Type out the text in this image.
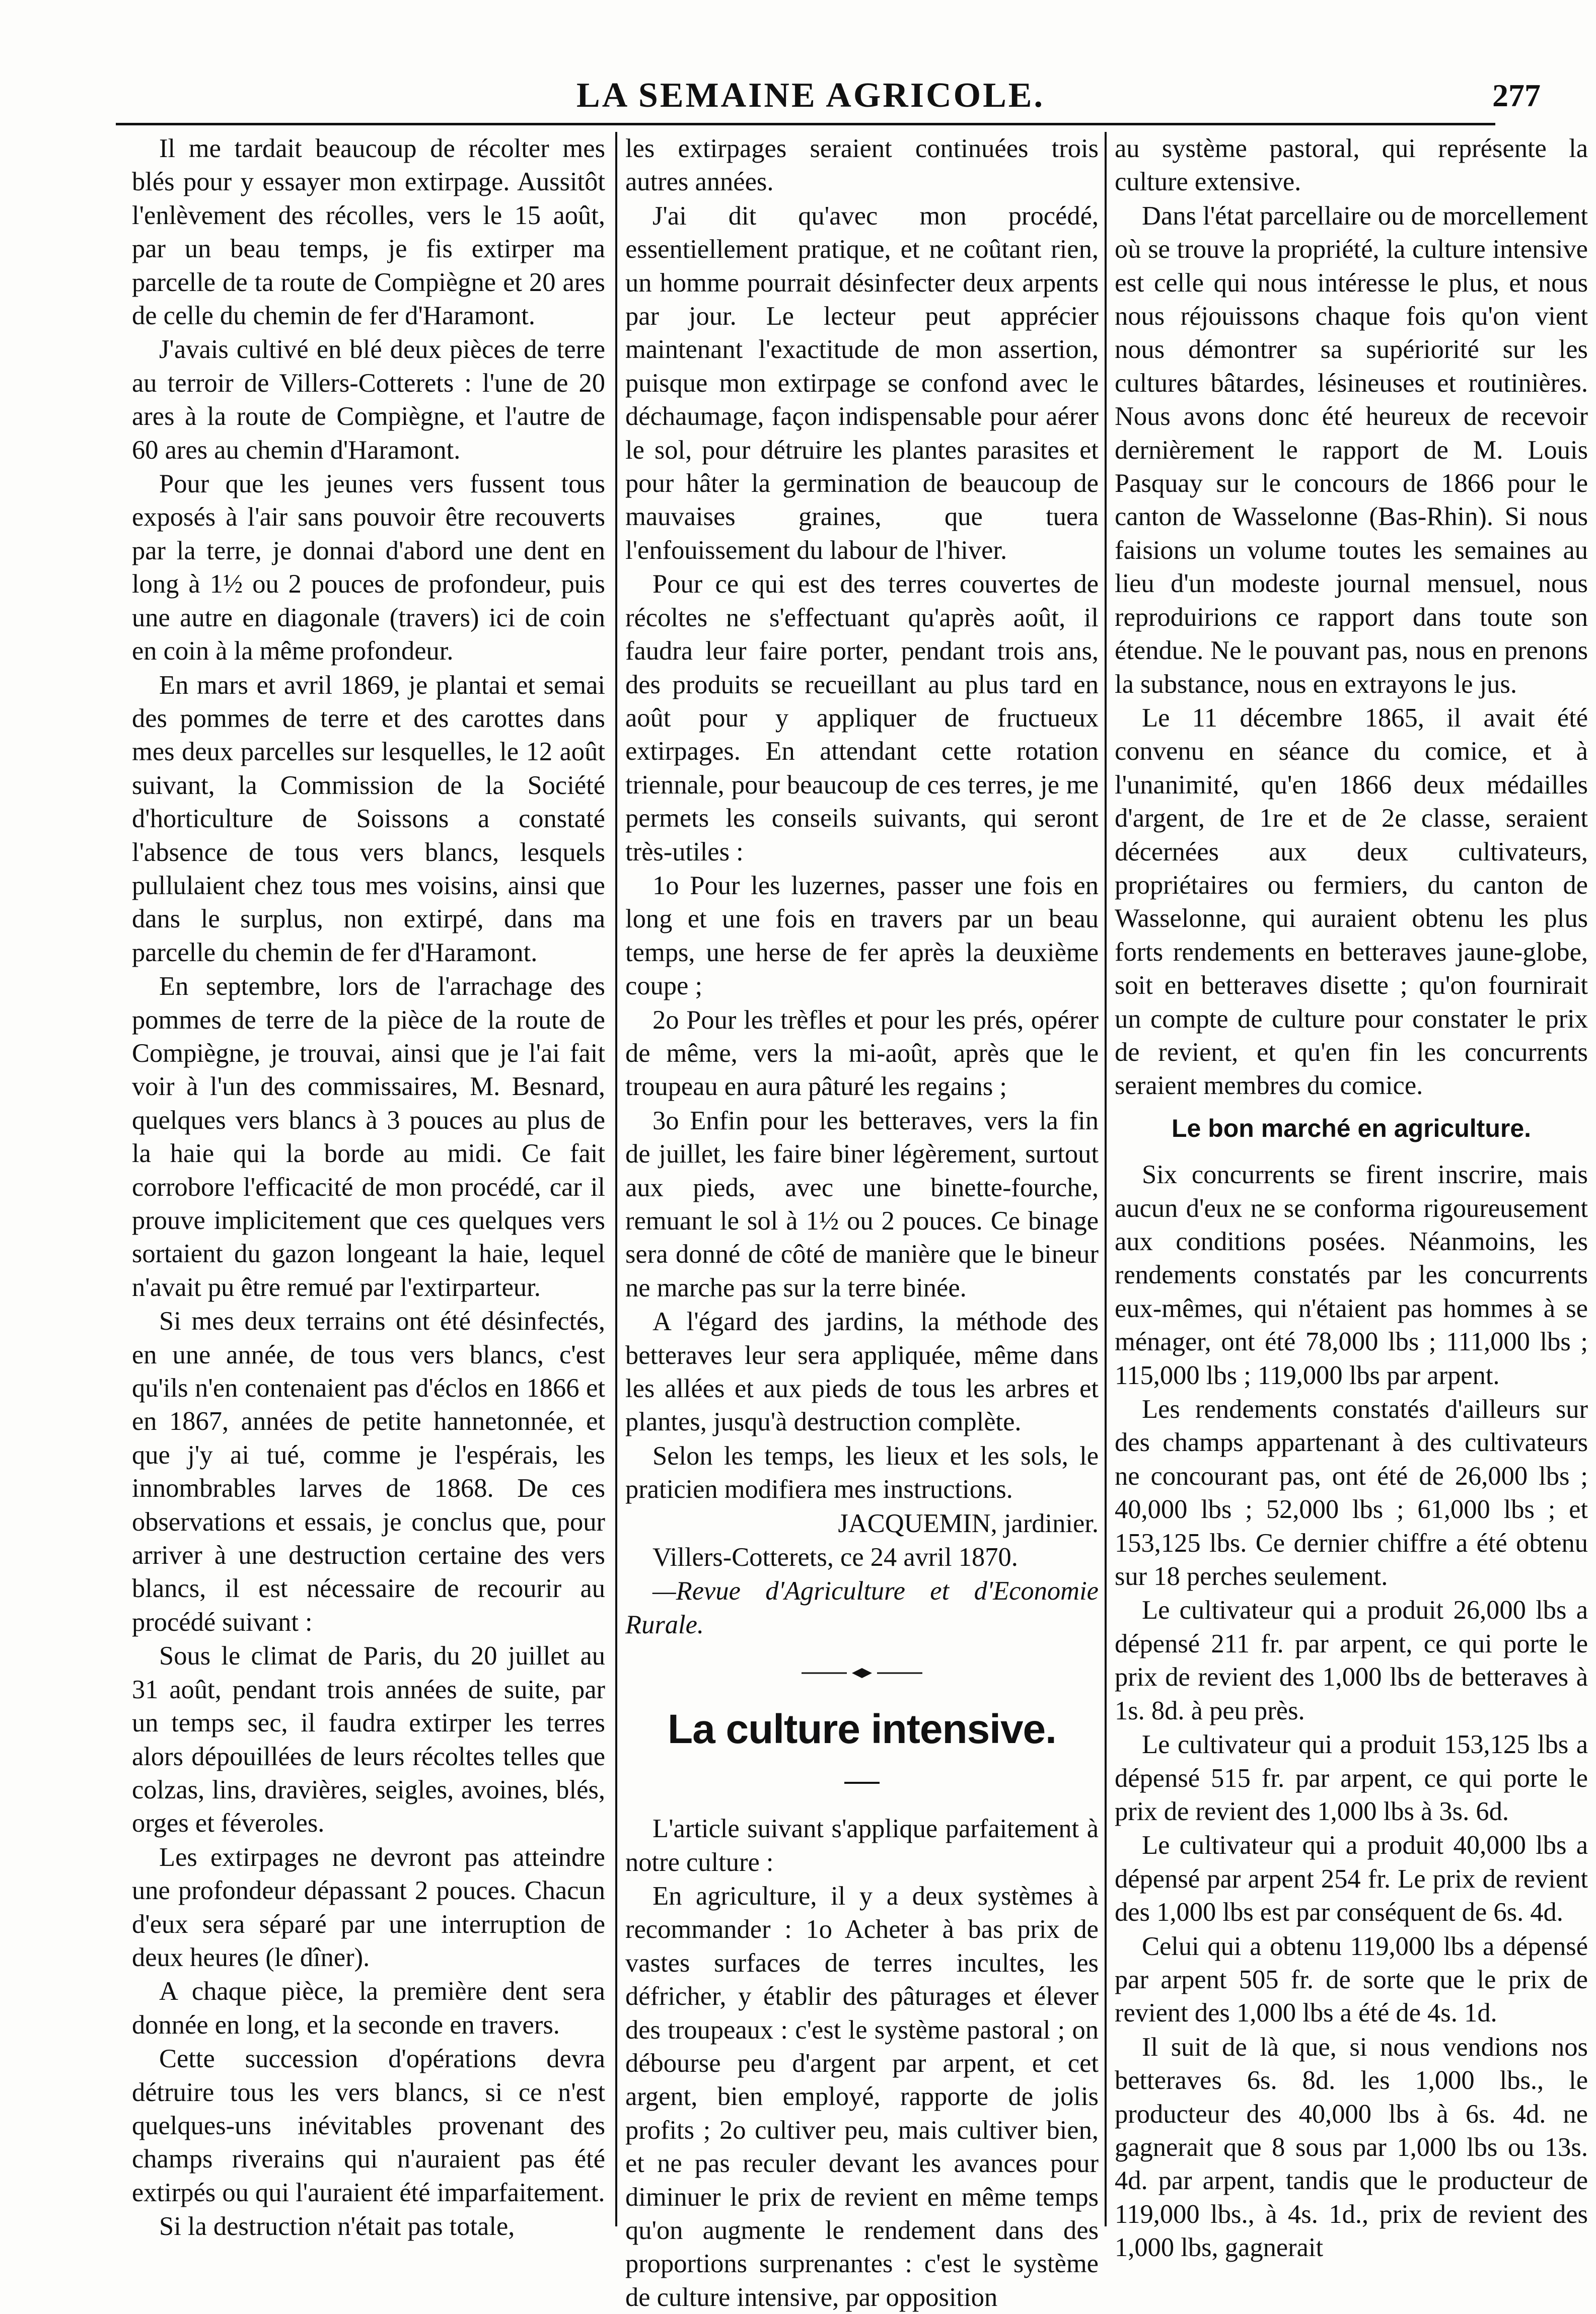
LA SEMAINE AGRICOLE.	277

Il me tardait beaucoup de récolter mes blés pour y essayer mon extirpage. Aussitôt l'enlèvement des récolles, vers le 15 août, par un beau temps, je fis extirper ma parcelle de ta route de Compiègne et 20 ares de celle du chemin de fer d'Haramont.

J'avais cultivé en blé deux pièces de terre au terroir de Villers-Cotterets : l'une de 20 ares à la route de Compiègne, et l'autre de 60 ares au chemin d'Haramont.

Pour que les jeunes vers fussent tous exposés à l'air sans pouvoir être recouverts par la terre, je donnai d'abord une dent en long à 1½ ou 2 pouces de profondeur, puis une autre en diagonale (travers) ici de coin en coin à la même profondeur.

En mars et avril 1869, je plantai et semai des pommes de terre et des carottes dans mes deux parcelles sur lesquelles, le 12 août suivant, la Commission de la Société d'horticulture de Soissons a constaté l'absence de tous vers blancs, lesquels pullulaient chez tous mes voisins, ainsi que dans le surplus, non extirpé, dans ma parcelle du chemin de fer d'Haramont.

En septembre, lors de l'arrachage des pommes de terre de la pièce de la route de Compiègne, je trouvai, ainsi que je l'ai fait voir à l'un des commissaires, M. Besnard, quelques vers blancs à 3 pouces au plus de la haie qui la borde au midi. Ce fait corrobore l'efficacité de mon procédé, car il prouve implicitement que ces quelques vers sortaient du gazon longeant la haie, lequel n'avait pu être remué par l'extirparteur.

Si mes deux terrains ont été désinfectés, en une année, de tous vers blancs, c'est qu'ils n'en contenaient pas d'éclos en 1866 et en 1867, années de petite hannetonnée, et que j'y ai tué, comme je l'espérais, les innombrables larves de 1868. De ces observations et essais, je conclus que, pour arriver à une destruction certaine des vers blancs, il est nécessaire de recourir au procédé suivant :

Sous le climat de Paris, du 20 juillet au 31 août, pendant trois années de suite, par un temps sec, il faudra extirper les terres alors dépouillées de leurs récoltes telles que colzas, lins, dravières, seigles, avoines, blés, orges et féveroles.

Les extirpages ne devront pas atteindre une profondeur dépassant 2 pouces. Chacun d'eux sera séparé par une interruption de deux heures (le dîner).

A chaque pièce, la première dent sera donnée en long, et la seconde en travers.

Cette succession d'opérations devra détruire tous les vers blancs, si ce n'est quelques-uns inévitables provenant des champs riverains qui n'auraient pas été extirpés ou qui l'auraient été imparfaitement.

Si la destruction n'était pas totale,

les extirpages seraient continuées trois autres années.

J'ai dit qu'avec mon procédé, essentiellement pratique, et ne coûtant rien, un homme pourrait désinfecter deux arpents par jour. Le lecteur peut apprécier maintenant l'exactitude de mon assertion, puisque mon extirpage se confond avec le déchaumage, façon indispensable pour aérer le sol, pour détruire les plantes parasites et pour hâter la germination de beaucoup de mauvaises graines, que tuera l'enfouissement du labour de l'hiver.

Pour ce qui est des terres couvertes de récoltes ne s'effectuant qu'après août, il faudra leur faire porter, pendant trois ans, des produits se recueillant au plus tard en août pour y appliquer de fructueux extirpages. En attendant cette rotation triennale, pour beaucoup de ces terres, je me permets les conseils suivants, qui seront très-utiles :

1o Pour les luzernes, passer une fois en long et une fois en travers par un beau temps, une herse de fer après la deuxième coupe ;

2o Pour les trèfles et pour les prés, opérer de même, vers la mi-août, après que le troupeau en aura pâturé les regains ;

3o Enfin pour les betteraves, vers la fin de juillet, les faire biner légèrement, surtout aux pieds, avec une binette-fourche, remuant le sol à 1½ ou 2 pouces. Ce binage sera donné de côté de manière que le bineur ne marche pas sur la terre binée.

A l'égard des jardins, la méthode des betteraves leur sera appliquée, même dans les allées et aux pieds de tous les arbres et plantes, jusqu'à destruction complète.

Selon les temps, les lieux et les sols, le praticien modifiera mes instructions.

JACQUEMIN, jardinier.

Villers-Cotterets, ce 24 avril 1870.

—Revue d'Agriculture et d'Economie Rurale.

La culture intensive.

L'article suivant s'applique parfaitement à notre culture :

En agriculture, il y a deux systèmes à recommander : 1o Acheter à bas prix de vastes surfaces de terres incultes, les défricher, y établir des pâturages et élever des troupeaux : c'est le système pastoral ; on débourse peu d'argent par arpent, et cet argent, bien employé, rapporte de jolis profits ; 2o cultiver peu, mais cultiver bien, et ne pas reculer devant les avances pour diminuer le prix de revient en même temps qu'on augmente le rendement dans des proportions surprenantes : c'est le système de culture intensive, par opposition

au système pastoral, qui représente la culture extensive.

Dans l'état parcellaire ou de morcellement où se trouve la propriété, la culture intensive est celle qui nous intéresse le plus, et nous nous réjouissons chaque fois qu'on vient nous démontrer sa supériorité sur les cultures bâtardes, lésineuses et routinières. Nous avons donc été heureux de recevoir dernièrement le rapport de M. Louis Pasquay sur le concours de 1866 pour le canton de Wasselonne (Bas-Rhin). Si nous faisions un volume toutes les semaines au lieu d'un modeste journal mensuel, nous reproduirions ce rapport dans toute son étendue. Ne le pouvant pas, nous en prenons la substance, nous en extrayons le jus.

Le 11 décembre 1865, il avait été convenu en séance du comice, et à l'unanimité, qu'en 1866 deux médailles d'argent, de 1re et de 2e classe, seraient décernées aux deux cultivateurs, propriétaires ou fermiers, du canton de Wasselonne, qui auraient obtenu les plus forts rendements en betteraves jaune-globe, soit en betteraves disette ; qu'on fournirait un compte de culture pour constater le prix de revient, et qu'en fin les concurrents seraient membres du comice.

Le bon marché en agriculture.

Six concurrents se firent inscrire, mais aucun d'eux ne se conforma rigoureusement aux conditions posées. Néanmoins, les rendements constatés par les concurrents eux-mêmes, qui n'étaient pas hommes à se ménager, ont été 78,000 lbs ; 111,000 lbs ; 115,000 lbs ; 119,000 lbs par arpent.

Les rendements constatés d'ailleurs sur des champs appartenant à des cultivateurs ne concourant pas, ont été de 26,000 lbs ; 40,000 lbs ; 52,000 lbs ; 61,000 lbs ; et 153,125 lbs. Ce dernier chiffre a été obtenu sur 18 perches seulement.

Le cultivateur qui a produit 26,000 lbs a dépensé 211 fr. par arpent, ce qui porte le prix de revient des 1,000 lbs de betteraves à 1s. 8d. à peu près.

Le cultivateur qui a produit 153,125 lbs a dépensé 515 fr. par arpent, ce qui porte le prix de revient des 1,000 lbs à 3s. 6d.

Le cultivateur qui a produit 40,000 lbs a dépensé par arpent 254 fr. Le prix de revient des 1,000 lbs est par conséquent de 6s. 4d.

Celui qui a obtenu 119,000 lbs a dépensé par arpent 505 fr. de sorte que le prix de revient des 1,000 lbs a été de 4s. 1d.

Il suit de là que, si nous vendions nos betteraves 6s. 8d. les 1,000 lbs., le producteur des 40,000 lbs à 6s. 4d. ne gagnerait que 8 sous par 1,000 lbs ou 13s. 4d. par arpent, tandis que le producteur de 119,000 lbs., à 4s. 1d., prix de revient des 1,000 lbs, gagnerait
